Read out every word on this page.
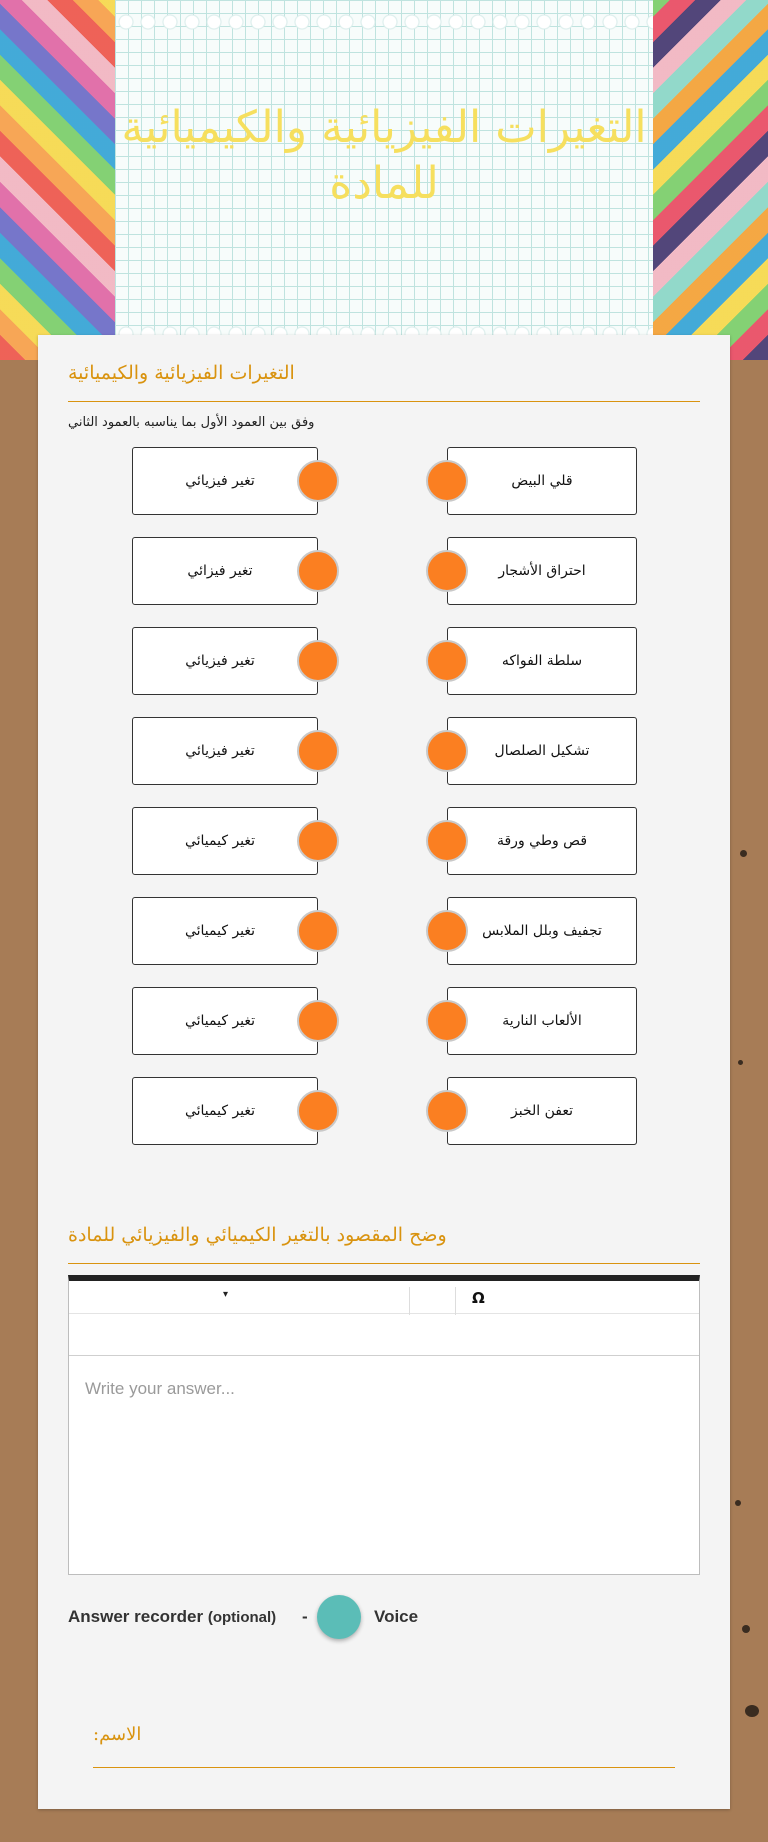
التغيرات الفيزيائية والكيميائية للمادة
التغيرات الفيزيائية والكيميائية
وفق بين العمود الأول بما يناسبه بالعمود الثاني
تغير فيزيائي	قلي البيض
تغير فيزائي	احتراق الأشجار
تغير فيزيائي	سلطة الفواكه
تغير فيزيائي	تشكيل الصلصال
تغير كيميائي	قص وطي ورقة
تغير كيميائي	تجفيف وبلل الملابس
تغير كيميائي	الألعاب النارية
تغير كيميائي	تعفن الخبز
وضح المقصود بالتغير الكيميائي والفيزيائي للمادة
▾	Ω
Write your answer...
Answer recorder (optional) -	Voice
الاسم:
